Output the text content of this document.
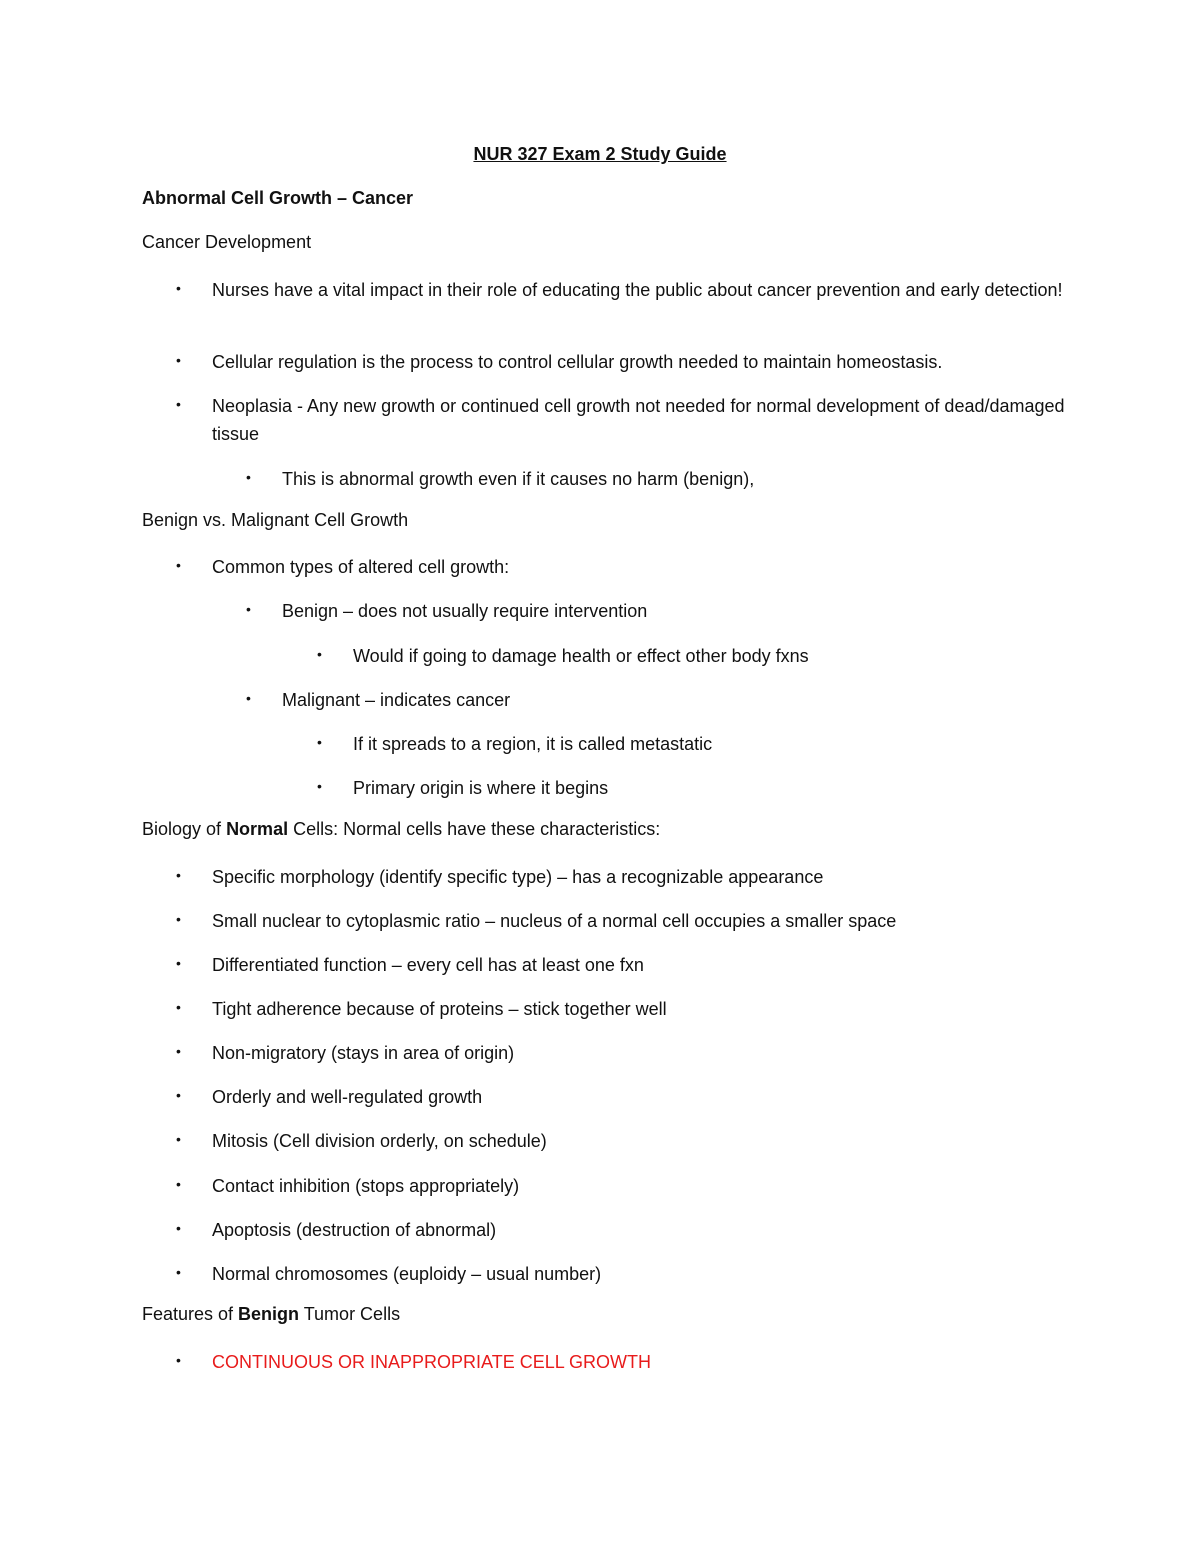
NUR 327 Exam 2 Study Guide
Abnormal Cell Growth – Cancer
Cancer Development
• Nurses have a vital impact in their role of educating the public about cancer prevention and early detection!
• Cellular regulation is the process to control cellular growth needed to maintain homeostasis.
• Neoplasia - Any new growth or continued cell growth not needed for normal development of dead/damaged tissue
• This is abnormal growth even if it causes no harm (benign),
Benign vs. Malignant Cell Growth
• Common types of altered cell growth:
• Benign – does not usually require intervention
• Would if going to damage health or effect other body fxns
• Malignant – indicates cancer
• If it spreads to a region, it is called metastatic
• Primary origin is where it begins
Biology of Normal Cells: Normal cells have these characteristics:
• Specific morphology (identify specific type) – has a recognizable appearance
• Small nuclear to cytoplasmic ratio – nucleus of a normal cell occupies a smaller space
• Differentiated function – every cell has at least one fxn
• Tight adherence because of proteins – stick together well
• Non-migratory (stays in area of origin)
• Orderly and well-regulated growth
• Mitosis (Cell division orderly, on schedule)
• Contact inhibition (stops appropriately)
• Apoptosis (destruction of abnormal)
• Normal chromosomes (euploidy – usual number)
Features of Benign Tumor Cells
• CONTINUOUS OR INAPPROPRIATE CELL GROWTH
